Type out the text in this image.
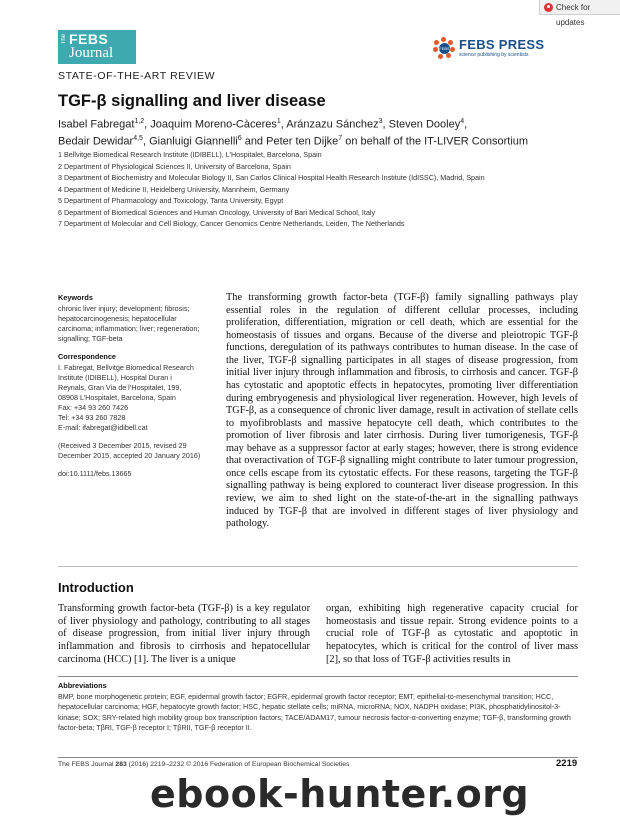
Check for updates
The FEBS
Journal	FEBS FEBS PRESS
science publishing by scientists
STATE-OF-THE-ART REVIEW
TGF-β signalling and liver disease
Isabel Fabregat$^{1,2}$, Joaquim Moreno-Càceres$^1$, Aránzazu Sánchez$^3$, Steven Dooley$^4$,
Bedair Dewidar$^{4,5}$, Gianluigi Giannelli$^6$ and Peter ten Dijke$^7$ on behalf of the IT-LIVER Consortium
1 Bellvitge Biomedical Research Institute (IDIBELL), L’Hospitalet, Barcelona, Spain
2 Department of Physiological Sciences II, University of Barcelona, Spain
3 Department of Biochemistry and Molecular Biology II, San Carlos Clinical Hospital Health Research Institute (IdISSC), Madrid, Spain
4 Department of Medicine II, Heidelberg University, Mannheim, Germany
5 Department of Pharmacology and Toxicology, Tanta University, Egypt
6 Department of Biomedical Sciences and Human Oncology, University of Bari Medical School, Italy
7 Department of Molecular and Cell Biology, Cancer Genomics Centre Netherlands, Leiden, The Netherlands
Keywords
chronic liver injury; development; fibrosis;
hepatocarcinogenesis; hepatocellular
carcinoma; inflammation; liver; regeneration;
signalling; TGF-beta
Correspondence
I. Fabregat, Bellvitge Biomedical Research
Institute (IDIBELL), Hospital Duran i
Reynals, Gran Via de l’Hospitalet, 199,
08908 L’Hospitalet, Barcelona, Spain
Fax: +34 93 260 7426
Tel: +34 93 260 7828
E-mail: ifabregat@idibell.cat
(Received 3 December 2015, revised 29
December 2015, accepted 20 January 2016)
doi:10.1111/febs.13665
The transforming growth factor-beta (TGF-β) family signalling pathways play essential roles in the regulation of different cellular processes, including proliferation, differentiation, migration or cell death, which are essential for the homeostasis of tissues and organs. Because of the diverse and pleiotropic TGF-β functions, deregulation of its pathways contributes to human disease. In the case of the liver, TGF-β signalling participates in all stages of disease progression, from initial liver injury through inflammation and fibrosis, to cirrhosis and cancer. TGF-β has cytostatic and apoptotic effects in hepatocytes, promoting liver differentiation during embryogenesis and physiological liver regeneration. However, high levels of TGF-β, as a consequence of chronic liver damage, result in activation of stellate cells to myofibroblasts and massive hepatocyte cell death, which contributes to the promotion of liver fibrosis and later cirrhosis. During liver tumorigenesis, TGF-β may behave as a suppressor factor at early stages; however, there is strong evidence that overactivation of TGF-β signalling might contribute to later tumour progression, once cells escape from its cytostatic effects. For these reasons, targeting the TGF-β signalling pathway is being explored to counteract liver disease progression. In this review, we aim to shed light on the state-of-the-art in the signalling pathways induced by TGF-β that are involved in different stages of liver physiology and pathology.
Introduction
Transforming growth factor-beta (TGF-β) is a key regulator of liver physiology and pathology, contributing to all stages of disease progression, from initial liver injury through inflammation and fibrosis to cirrhosis and hepatocellular carcinoma (HCC) [1]. The liver is a unique
organ, exhibiting high regenerative capacity crucial for homeostasis and tissue repair. Strong evidence points to a crucial role of TGF-β as cytostatic and apoptotic in hepatocytes, which is critical for the control of liver mass [2], so that loss of TGF-β activities results in
Abbreviations
BMP, bone morphogenetic protein; EGF, epidermal growth factor; EGFR, epidermal growth factor receptor; EMT, epithelial-to-mesenchymal transition; HCC, hepatocellular carcinoma; HGF, hepatocyte growth factor; HSC, hepatic stellate cells; miRNA, microRNA; NOX, NADPH oxidase; PI3K, phosphatidylinositol-3-kinase; SOX; SRY-related high mobility group box transcription factors; TACE/ADAM17, tumour necrosis factor-α-converting enzyme; TGF-β, transforming growth factor-beta; TβRI, TGF-β receptor I; TβRII, TGF-β receptor II.
The FEBS Journal 283 (2016) 2219–2232 © 2016 Federation of European Biochemical Societies	2219
ebook-hunter.org
